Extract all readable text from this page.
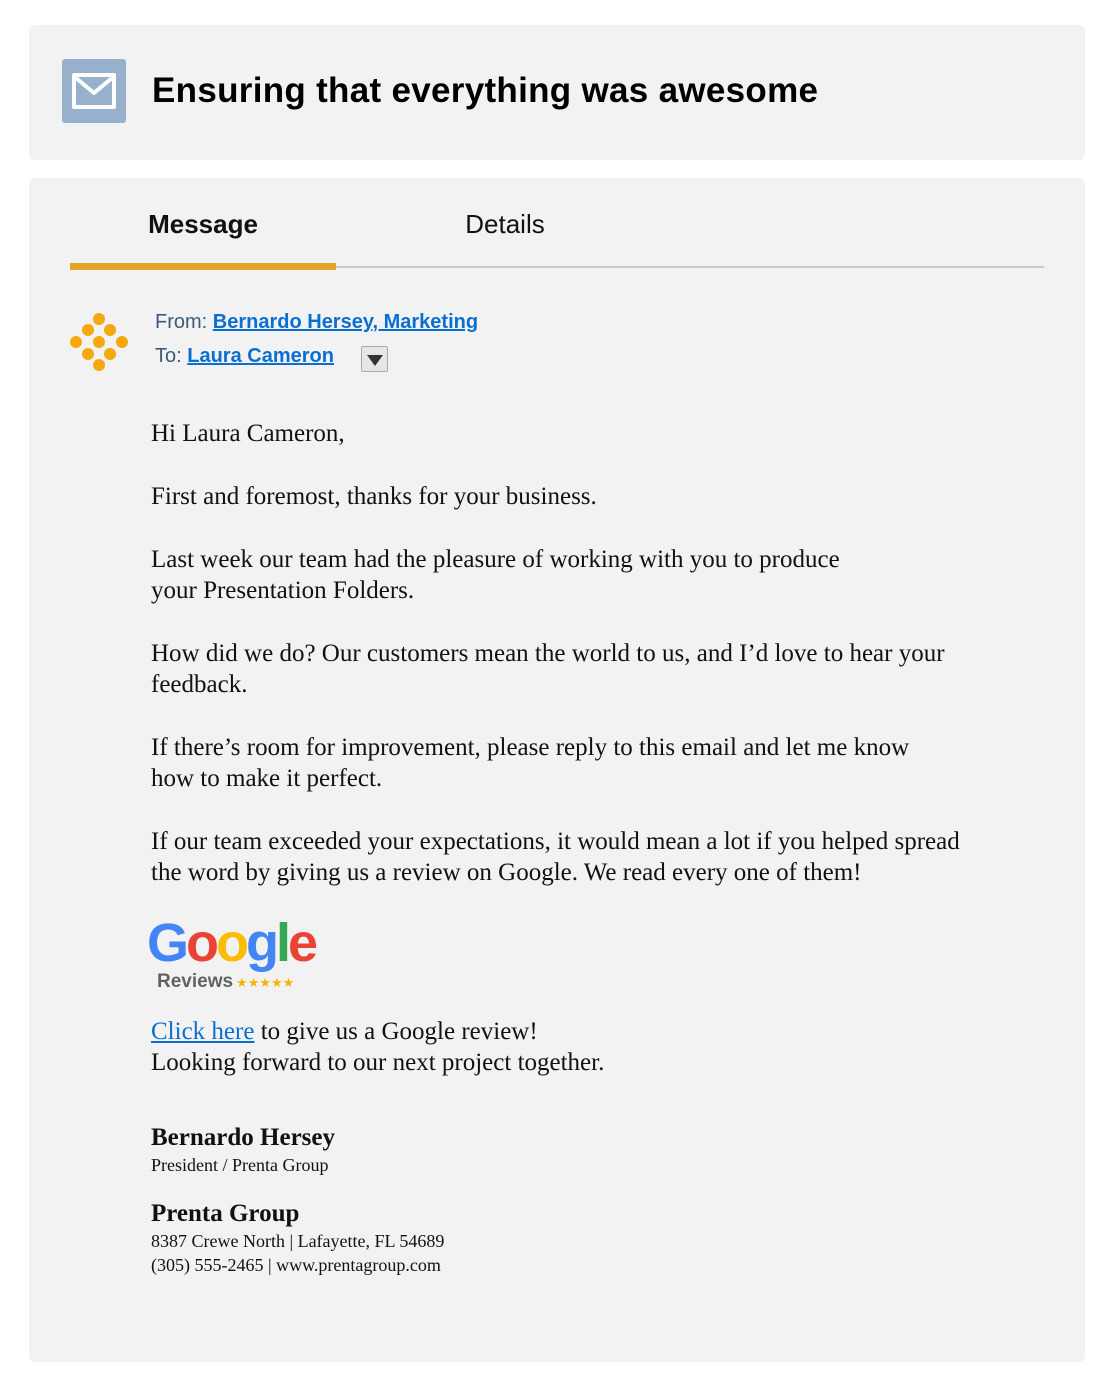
Ensuring that everything was awesome
Message	Details
From: Bernardo Hersey, Marketing
To: Laura Cameron

Hi Laura Cameron,

First and foremost, thanks for your business.

Last week our team had the pleasure of working with you to produce your Presentation Folders.

How did we do? Our customers mean the world to us, and I’d love to hear your feedback.

If there’s room for improvement, please reply to this email and let me know how to make it perfect.

If our team exceeded your expectations, it would mean a lot if you helped spread the word by giving us a review on Google. We read every one of them!

Google
Reviews ★★★★★
Click here to give us a Google review!
Looking forward to our next project together.
Bernardo Hersey
President / Prenta Group
Prenta Group
8387 Crewe North | Lafayette, FL 54689
(305) 555-2465 | www.prentagroup.com
